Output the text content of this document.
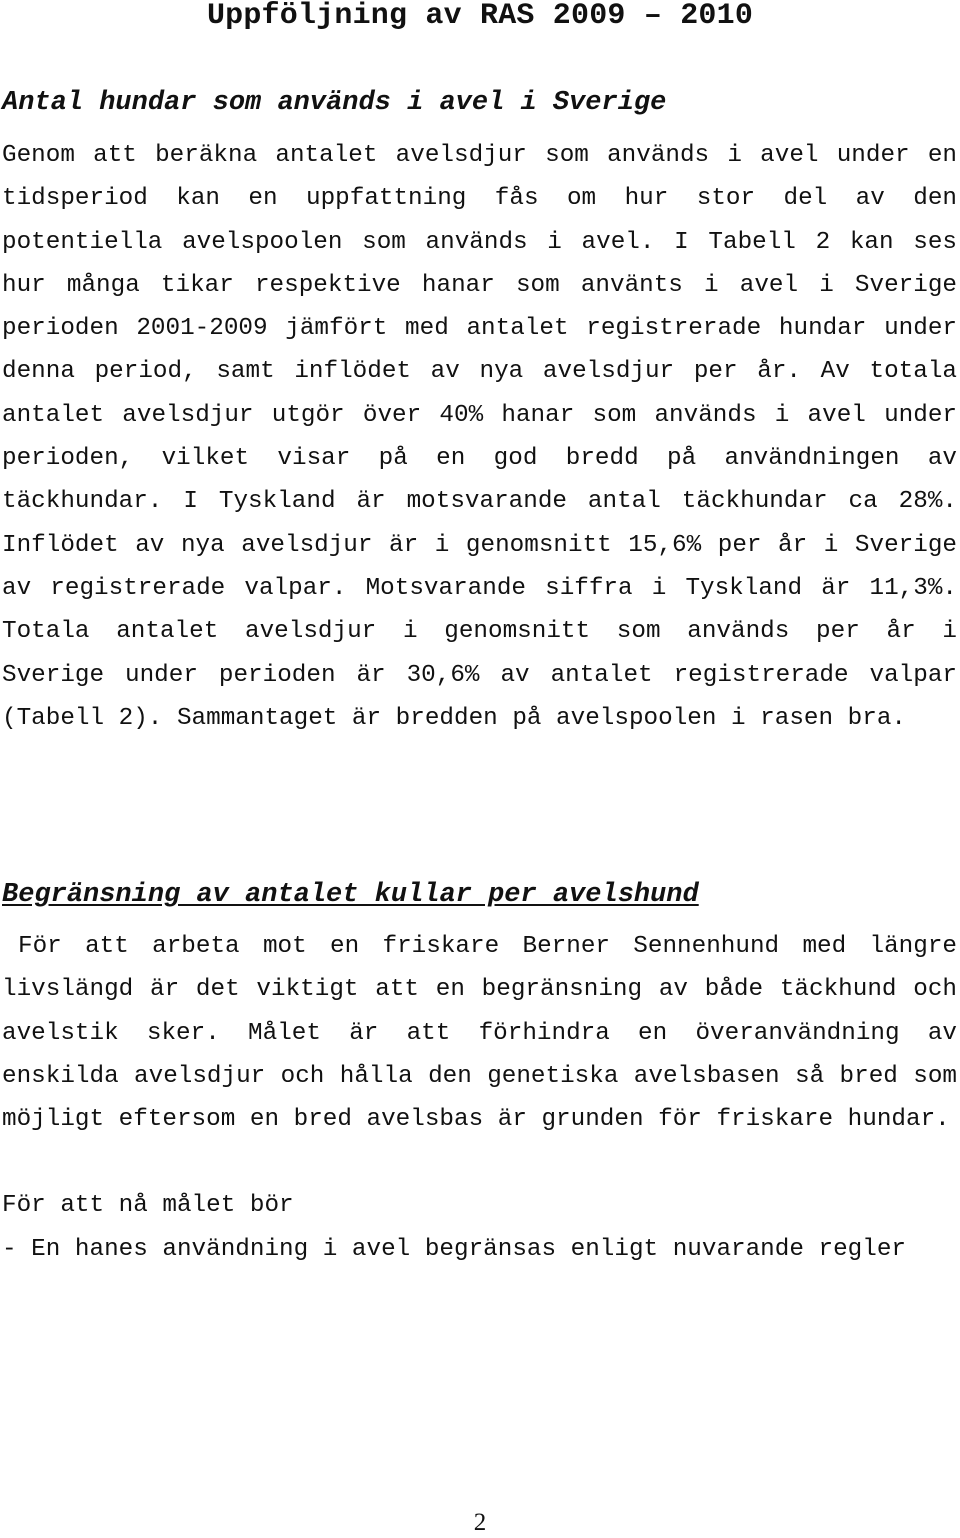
Uppföljning av RAS 2009 – 2010
Antal hundar som används i avel i Sverige

Genom att beräkna antalet avelsdjur som används i avel under en tidsperiod kan en uppfattning fås om hur stor del av den potentiella avelspoolen som används i avel. I Tabell 2 kan ses hur många tikar respektive hanar som använts i avel i Sverige perioden 2001-2009 jämfört med antalet registrerade hundar under denna period, samt inflödet av nya avelsdjur per år. Av totala antalet avelsdjur utgör över 40% hanar som används i avel under perioden, vilket visar på en god bredd på användningen av täckhundar. I Tyskland är motsvarande antal täckhundar ca 28%. Inflödet av nya avelsdjur är i genomsnitt 15,6% per år i Sverige av registrerade valpar. Motsvarande siffra i Tyskland är 11,3%. Totala antalet avelsdjur i genomsnitt som används per år i Sverige under perioden är 30,6% av antalet registrerade valpar (Tabell 2). Sammantaget är bredden på avelspoolen i rasen bra.

Begränsning av antalet kullar per avelshund

För att arbeta mot en friskare Berner Sennenhund med längre livslängd är det viktigt att en begränsning av både täckhund och avelstik sker. Målet är att förhindra en överanvändning av enskilda avelsdjur och hålla den genetiska avelsbasen så bred som möjligt eftersom en bred avelsbas är grunden för friskare hundar.

För att nå målet bör

- En hanes användning i avel begränsas enligt nuvarande regler

2
